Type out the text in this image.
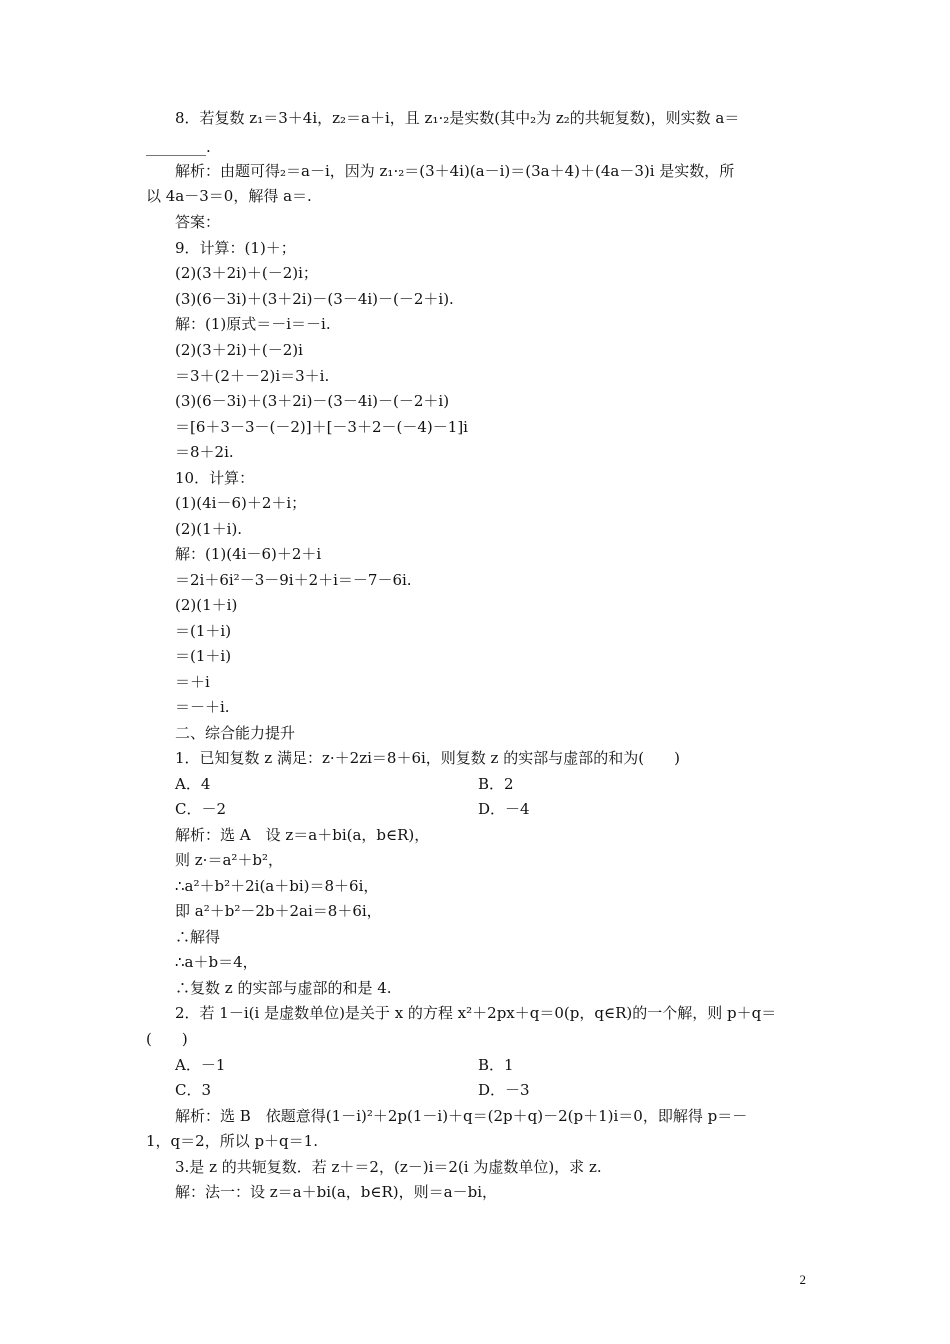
2
8．若复数 z₁＝3＋4i，z₂＝a＋i，且 z₁·₂是实数(其中₂为 z₂的共轭复数)，则实数 a＝
________.
解析：由题可得₂＝a－i，因为 z₁·₂＝(3＋4i)(a－i)＝(3a＋4)＋(4a－3)i 是实数，所
以 4a－3＝0，解得 a＝.
答案：
9．计算：(1)＋；
(2)(3＋2i)＋(－2)i；
(3)(6－3i)＋(3＋2i)－(3－4i)－(－2＋i).
解：(1)原式＝－i＝－i.
(2)(3＋2i)＋(－2)i
＝3＋(2＋－2)i＝3＋i.
(3)(6－3i)＋(3＋2i)－(3－4i)－(－2＋i)
＝[6＋3－3－(－2)]＋[－3＋2－(－4)－1]i
＝8＋2i.
10．计算：
(1)(4i－6)＋2＋i；
(2)(1＋i).
解：(1)(4i－6)＋2＋i
＝2i＋6i²－3－9i＋2＋i＝－7－6i.
(2)(1＋i)
＝(1＋i)
＝(1＋i)
＝＋i
＝－＋i.
二、综合能力提升
1．已知复数 z 满足：z·＋2zi＝8＋6i，则复数 z 的实部与虚部的和为(　　)
A．4	B．2
C．－2	D．－4
解析：选 A　设 z＝a＋bi(a，b∈R)，
则 z·＝a²＋b²，
∴a²＋b²＋2i(a＋bi)＝8＋6i，
即 a²＋b²－2b＋2ai＝8＋6i，
∴解得
∴a＋b＝4，
∴复数 z 的实部与虚部的和是 4.
2．若 1－i(i 是虚数单位)是关于 x 的方程 x²＋2px＋q＝0(p，q∈R)的一个解，则 p＋q＝
(　　)
A．－1	B．1
C．3	D．－3
解析：选 B　依题意得(1－i)²＋2p(1－i)＋q＝(2p＋q)－2(p＋1)i＝0，即解得 p＝－
1，q＝2，所以 p＋q＝1.
3.是 z 的共轭复数．若 z＋＝2，(z－)i＝2(i 为虚数单位)，求 z.
解：法一：设 z＝a＋bi(a，b∈R)，则＝a－bi，
